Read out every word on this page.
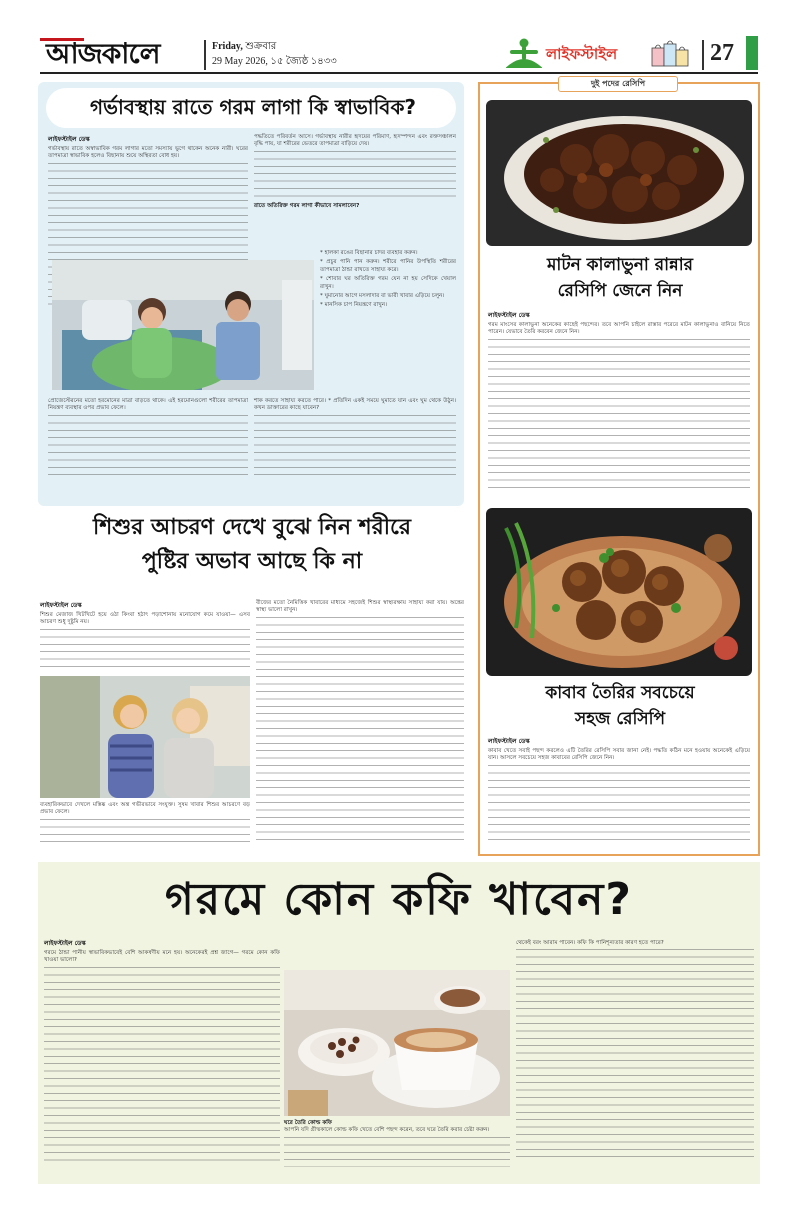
আজকালে	Friday, শুক্রবার
29 May 2026, ১৫ জ্যৈষ্ঠ ১৪৩৩	লাইফস্টাইল	27
গর্ভাবস্থায় রাতে গরম লাগা কি স্বাভাবিক?
লাইফস্টাইল ডেস্ক
গর্ভাবস্থায় রাতে অস্বাভাবিক গরম লাগার মতো সমস্যায় ভুগে থাকেন অনেক নারী। ঘরের তাপমাত্রা স্বাভাবিক হলেও বিছানায় শুয়ে অস্থিরতা বোধ হয়।
পদ্ধতিতে পরিবর্তন আসে। গর্ভাবস্থায় নারীর হৃদয়ের পরিমাণ, হৃদস্পন্দন এবং রক্তসঞ্চালন বৃদ্ধি পায়, যা শরীরের ভেতরে তাপমাত্রা বাড়িয়ে দেয়।
রাতে অতিরিক্ত গরম লাগা কীভাবে সামলাবেন?
* হালকা রঙের বিছানার চাদর ব্যবহার করুন।
* প্রচুর পানি পান করুন। শরীরে পানির উপস্থিতি শরীরের তাপমাত্রা ঠান্ডা রাখতে সাহায্য করে।
* শোবার ঘর অতিরিক্ত গরম যেন না হয় সেদিকে খেয়াল রাখুন।
* ঘুমানোর আগে মসলাদার বা ভারী খাবার এড়িয়ে চলুন।
* মানসিক চাপ নিয়ন্ত্রণে রাখুন।
প্রোজেস্টেরনের মতো হরমোনের মাত্রা বাড়তে থাকে। এই হরমোনগুলো শরীরের তাপমাত্রা নিয়ন্ত্রণ ব্যবস্থার ওপর প্রভাব ফেলে।
শাক করতে সাহায্য করতে পারে। * প্রতিদিন একই সময়ে ঘুমাতে যান এবং ঘুম থেকে উঠুন। কখন ডাক্তারের কাছে যাবেন?
দুই পদের রেসিপি
মাটন কালাভুনা রান্নার রেসিপি জেনে নিন
লাইফস্টাইল ডেস্ক
গরম মাংসের কালাভুনা অনেকের কাছেই পছন্দের। তবে আপনি চাইলে রাস্তার পরেরে মাটন কালাভুনাও বানিয়ে নিতে পারেন। যেভাবে তৈরি করবেন জেনে নিন।
কাবাব তৈরির সবচেয়ে সহজ রেসিপি
লাইফস্টাইল ডেস্ক
কাবাব খেতে সবাই পছন্দ করলেও এটি তৈরির রেসিপি সবার জানা নেই। পদ্ধতি কঠিন মনে হওয়ায় অনেকেই এড়িয়ে যান। আসলে সবচেয়ে সহজ কাবাবের রেসিপি জেনে নিন।
শিশুর আচরণ দেখে বুঝে নিন শরীরে
পুষ্টির অভাব আছে কি না
লাইফস্টাইল ডেস্ক
শিশুর মেজাজ খিটখিটে হয়ে ওঠা কিংবা হঠাৎ পড়াশোনায় মনোযোগ কমে যাওয়া— এসব আচরণ শুধু দুষ্টুমি নয়।
ব্যবহারিকভাবে দেখলে মস্তিষ্ক এবং অন্ত্র গভীরভাবে সংযুক্ত। সুষম খাবার শিশুর আচরণে বড় প্রভাব ফেলে।
বীজের মতো নৈমিত্তিক খাবারের মাধ্যমে সহজেই শিশুর স্বাস্থ্যরক্ষায় সাহায্য করা যায়। অন্ত্রের স্বাস্থ্য ভালো রাখুন।
গরমে কোন কফি খাবেন?
লাইফস্টাইল ডেস্ক
গরমে ঠান্ডা পানীয় স্বাভাবিকভাবেই বেশি আকর্ষণীয় মনে হয়। অনেকেরই প্রশ্ন জাগে— গরমে কোন কফি খাওয়া ভালো?
ঘরে তৈরি কোল্ড কফি
আপনি যদি গ্রীষ্মকালে কোল্ড কফি খেতে বেশি পছন্দ করেন, তবে ঘরে তৈরি করার চেষ্টা করুন।
থেকেই বরং আরাম পাবেন। কফি কি পানিশূন্যতার কারণ হতে পারে?
